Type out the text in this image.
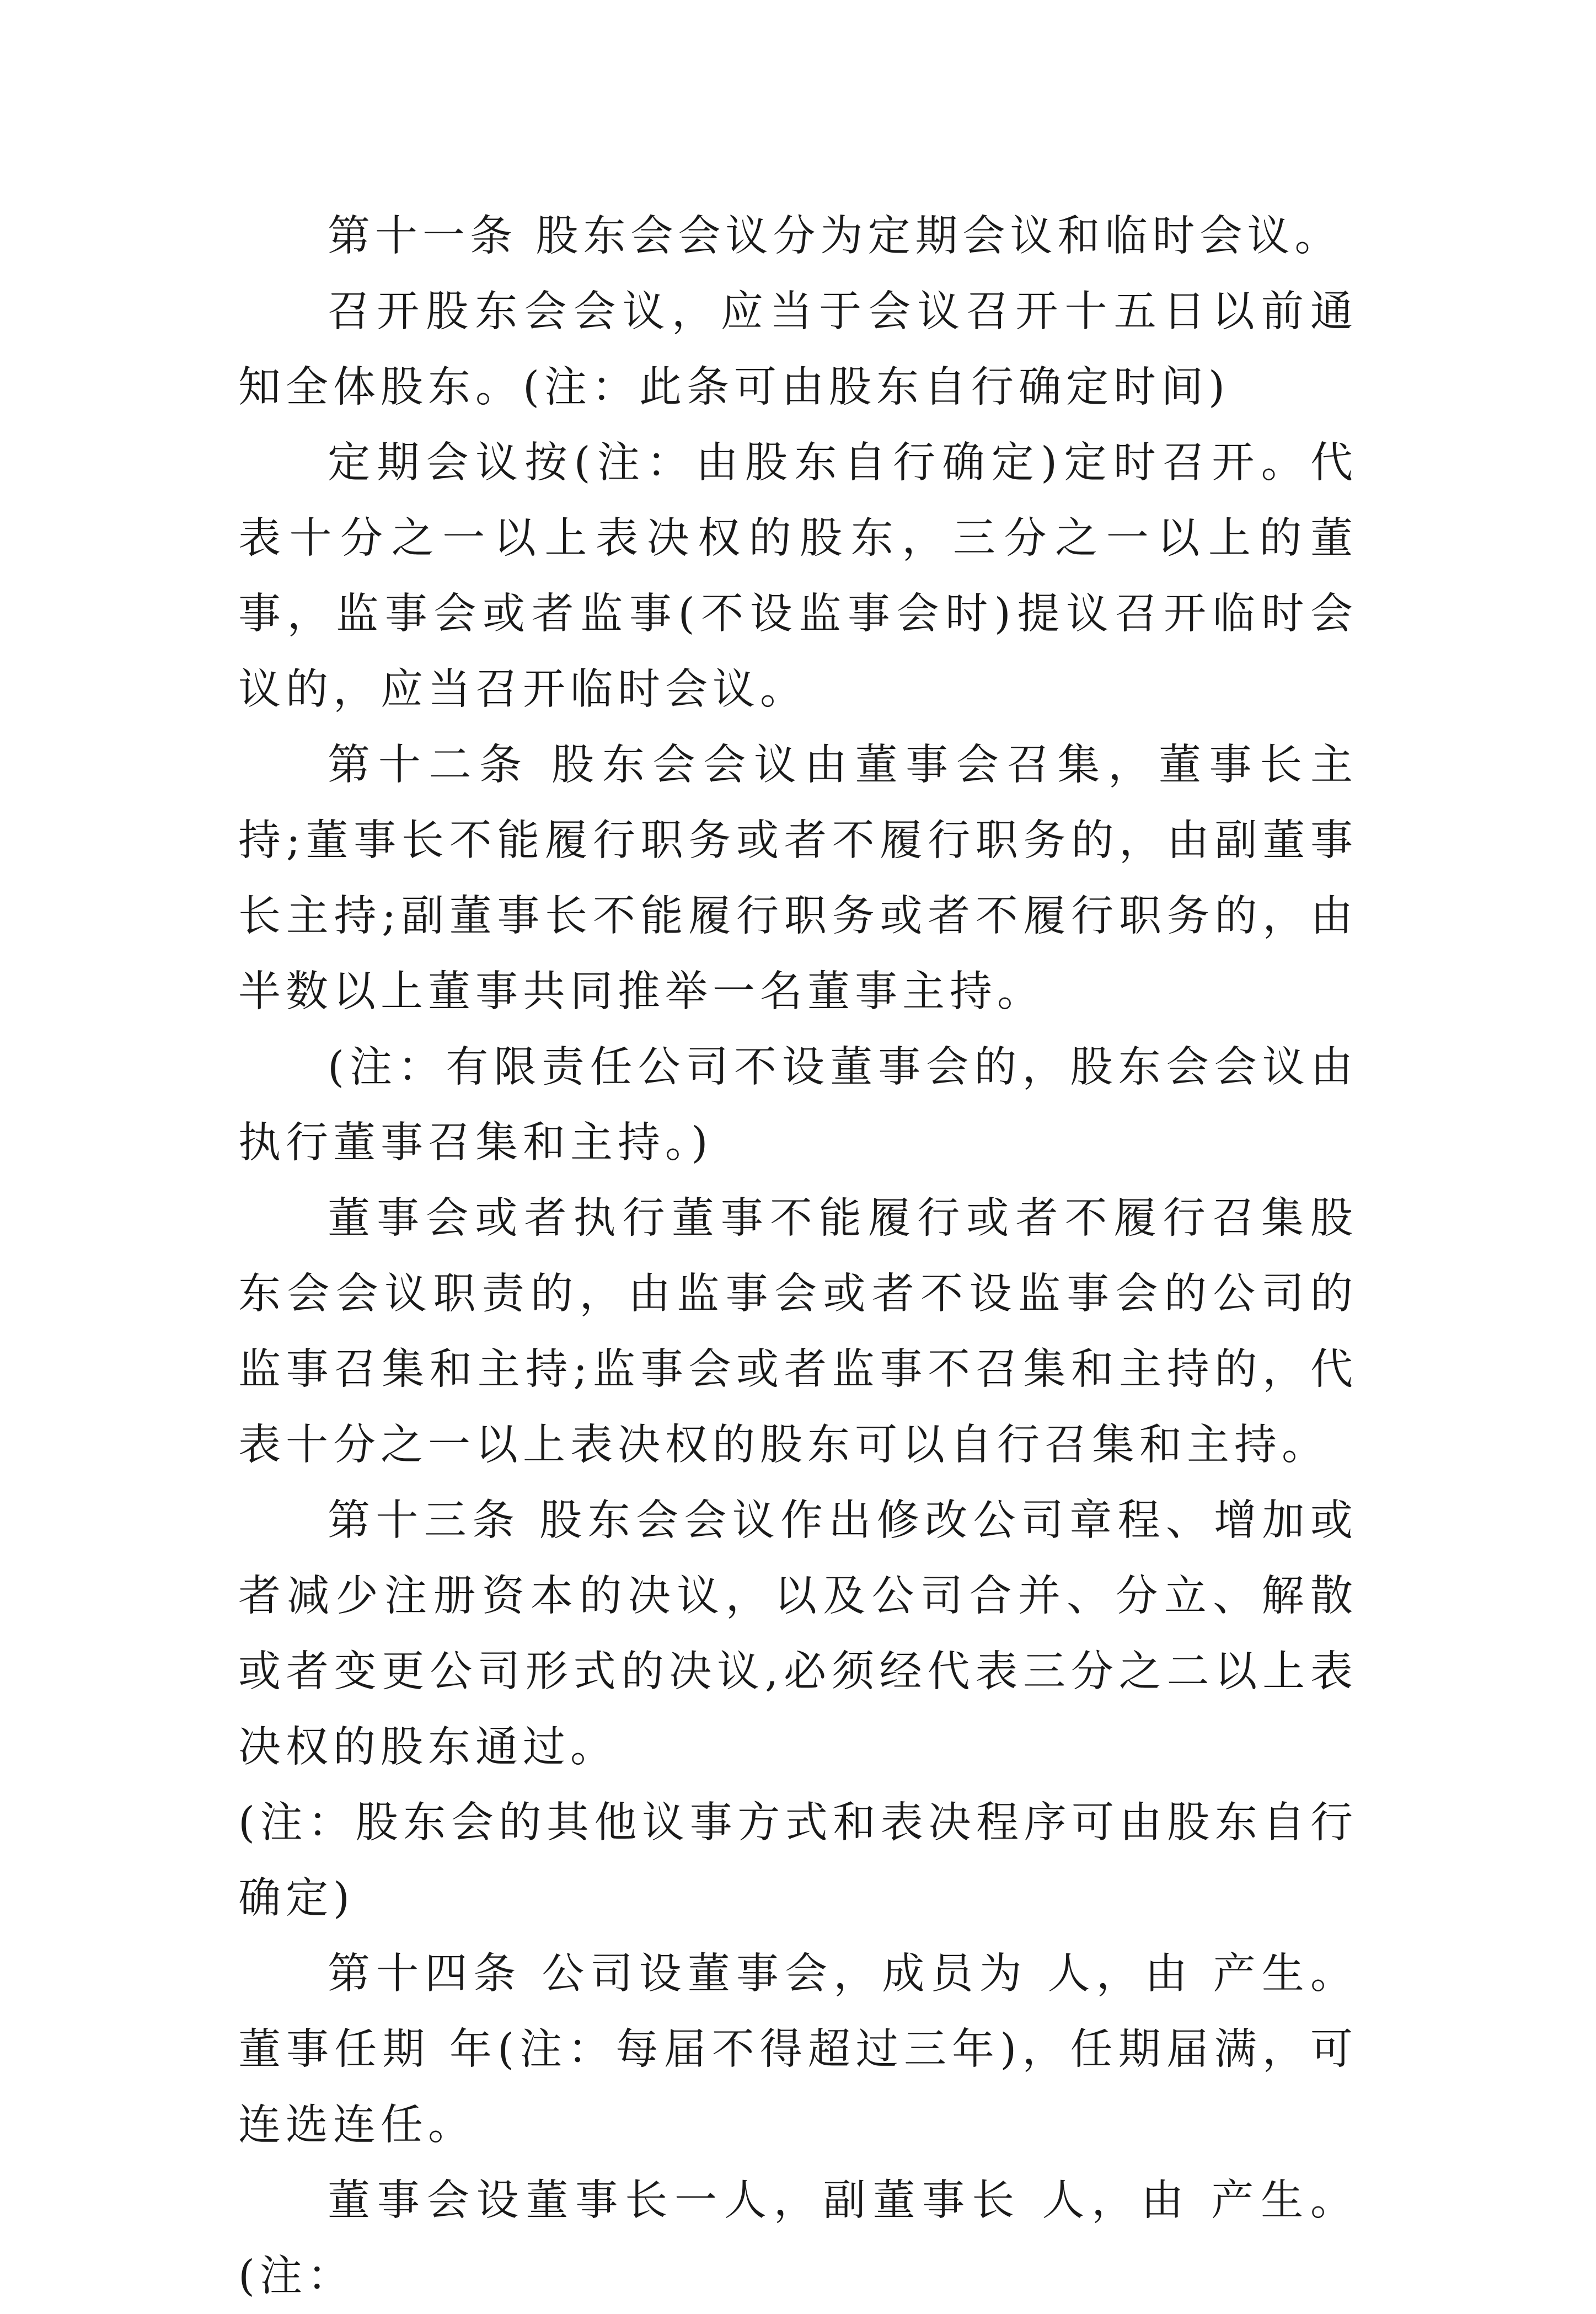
第十一条 股东会会议分为定期会议和临时会议。

召开股东会会议，应当于会议召开十五日以前通知全体股东。(注：此条可由股东自行确定时间)

定期会议按(注：由股东自行确定)定时召开。代表十分之一以上表决权的股东，三分之一以上的董事，监事会或者监事(不设监事会时)提议召开临时会议的，应当召开临时会议。

第十二条 股东会会议由董事会召集，董事长主持;董事长不能履行职务或者不履行职务的，由副董事长主持;副董事长不能履行职务或者不履行职务的，由半数以上董事共同推举一名董事主持。

(注：有限责任公司不设董事会的，股东会会议由执行董事召集和主持。)

董事会或者执行董事不能履行或者不履行召集股东会会议职责的，由监事会或者不设监事会的公司的监事召集和主持;监事会或者监事不召集和主持的，代表十分之一以上表决权的股东可以自行召集和主持。

第十三条 股东会会议作出修改公司章程、增加或者减少注册资本的决议，以及公司合并、分立、解散或者变更公司形式的决议,必须经代表三分之二以上表决权的股东通过。

(注：股东会的其他议事方式和表决程序可由股东自行确定)

第十四条 公司设董事会，成员为 人，由 产生。董事任期 年(注：每届不得超过三年)，任期届满，可连选连任。

董事会设董事长一人，副董事长 人，由 产生。(注：
